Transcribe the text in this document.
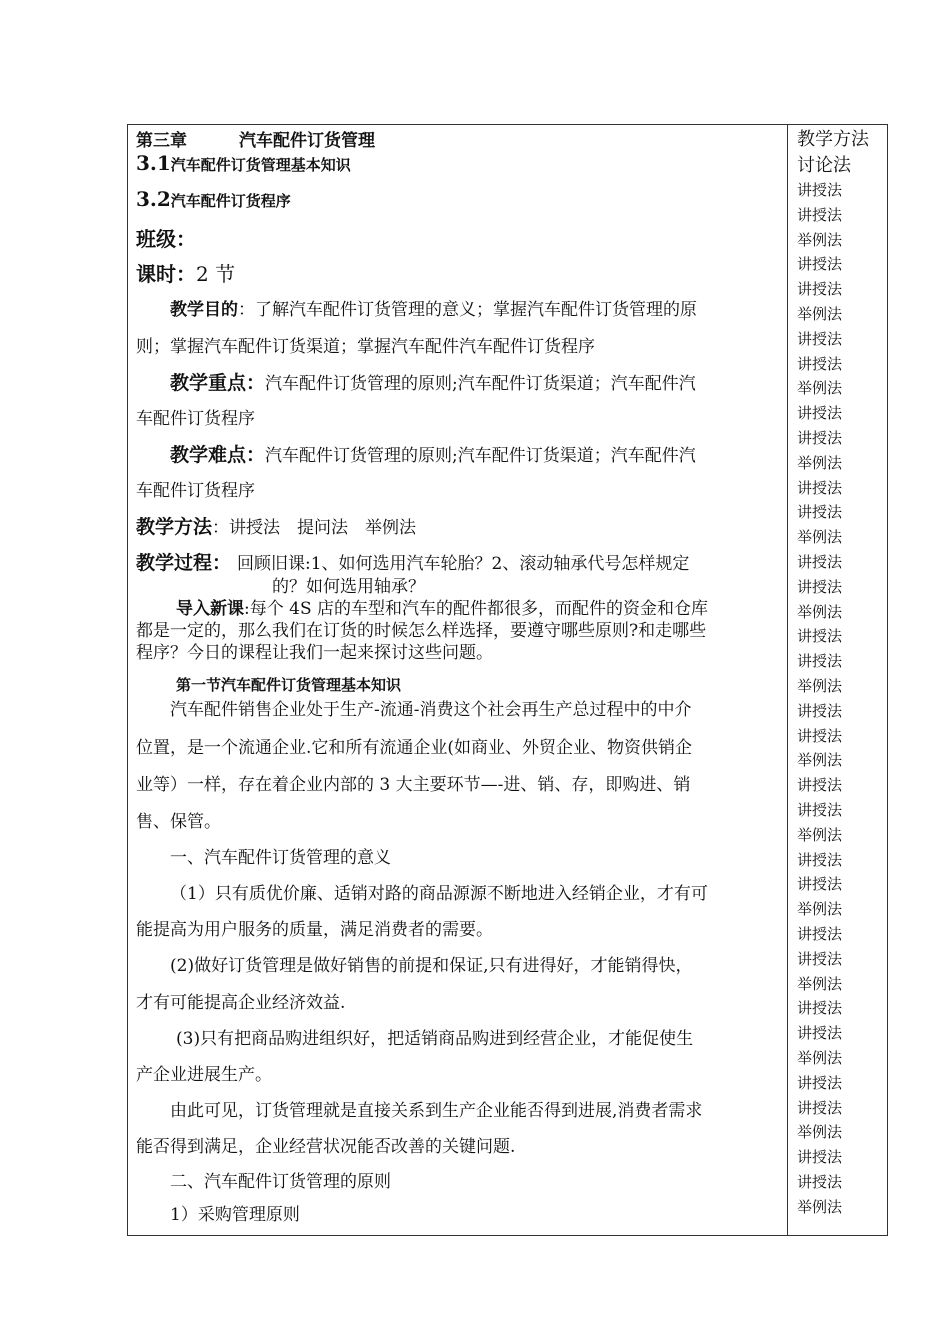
第三章	汽车配件订货管理
3.1汽车配件订货管理基本知识
3.2汽车配件订货程序
班级：
课时：2 节
教学目的：了解汽车配件订货管理的意义；掌握汽车配件订货管理的原
则；掌握汽车配件订货渠道；掌握汽车配件汽车配件订货程序
教学重点：汽车配件订货管理的原则;汽车配件订货渠道；汽车配件汽
车配件订货程序
教学难点：汽车配件订货管理的原则;汽车配件订货渠道；汽车配件汽
车配件订货程序
教学方法：讲授法　提问法　举例法
教学过程： 回顾旧课:1、如何选用汽车轮胎？2、滚动轴承代号怎样规定
的？如何选用轴承？
导入新课:每个 4S 店的车型和汽车的配件都很多，而配件的资金和仓库
都是一定的，那么我们在订货的时候怎么样选择，要遵守哪些原则?和走哪些
程序？今日的课程让我们一起来探讨这些问题。
第一节汽车配件订货管理基本知识
汽车配件销售企业处于生产-流通-消费这个社会再生产总过程中的中介
位置，是一个流通企业.它和所有流通企业(如商业、外贸企业、物资供销企
业等）一样，存在着企业内部的 3 大主要环节—-进、销、存，即购进、销
售、保管。
一、汽车配件订货管理的意义
（1）只有质优价廉、适销对路的商品源源不断地进入经销企业，才有可
能提高为用户服务的质量，满足消费者的需要。
(2)做好订货管理是做好销售的前提和保证,只有进得好，才能销得快，
才有可能提高企业经济效益.
(3)只有把商品购进组织好，把适销商品购进到经营企业，才能促使生
产企业进展生产。
由此可见，订货管理就是直接关系到生产企业能否得到进展,消费者需求
能否得到满足，企业经营状况能否改善的关键问题.
二、汽车配件订货管理的原则
1）采购管理原则
教学方法
讨论法
讲授法
讲授法
举例法
讲授法
讲授法
举例法
讲授法
讲授法
举例法
讲授法
讲授法
举例法
讲授法
讲授法
举例法
讲授法
讲授法
举例法
讲授法
讲授法
举例法
讲授法
讲授法
举例法
讲授法
讲授法
举例法
讲授法
讲授法
举例法
讲授法
讲授法
举例法
讲授法
讲授法
举例法
讲授法
讲授法
举例法
讲授法
讲授法
举例法
